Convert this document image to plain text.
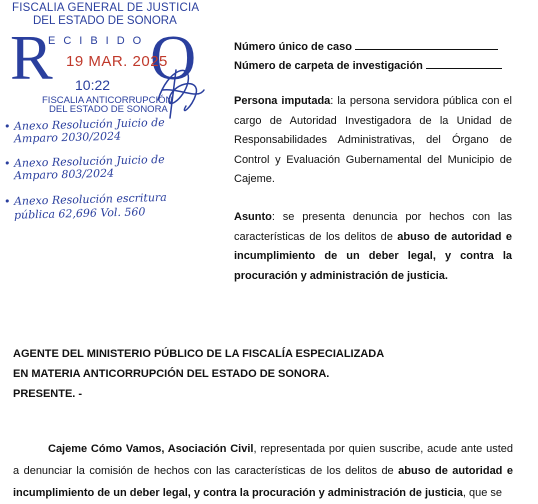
FISCALIA GENERAL DE JUSTICIA
DEL ESTADO DE SONORA
R
ECIBIDO O
19 MAR. 2025
10:22
FISCALIA ANTICORRUPCIÓN
DEL ESTADO DE SONORA
• Anexo Resolución Juicio de
Amparo 2030/2024
• Anexo Resolución Juicio de
Amparo 803/2024
• Anexo Resolución escritura
pública 62,696 Vol. 560
Número único de caso
Número de carpeta de investigación
Persona imputada: la persona servidora pública con el cargo de Autoridad Investigadora de la Unidad de Responsabilidades Administrativas, del Órgano de Control y Evaluación Gubernamental del Municipio de Cajeme.
Asunto: se presenta denuncia por hechos con las características de los delitos de abuso de autoridad e incumplimiento de un deber legal, y contra la procuración y administración de justicia.
AGENTE DEL MINISTERIO PÚBLICO DE LA FISCALÍA ESPECIALIZADA
EN MATERIA ANTICORRUPCIÓN DEL ESTADO DE SONORA.
PRESENTE. -
Cajeme Cómo Vamos, Asociación Civil, representada por quien suscribe, acude ante usted a denunciar la comisión de hechos con las características de los delitos de abuso de autoridad e incumplimiento de un deber legal, y contra la procuración y administración de justicia, que se
